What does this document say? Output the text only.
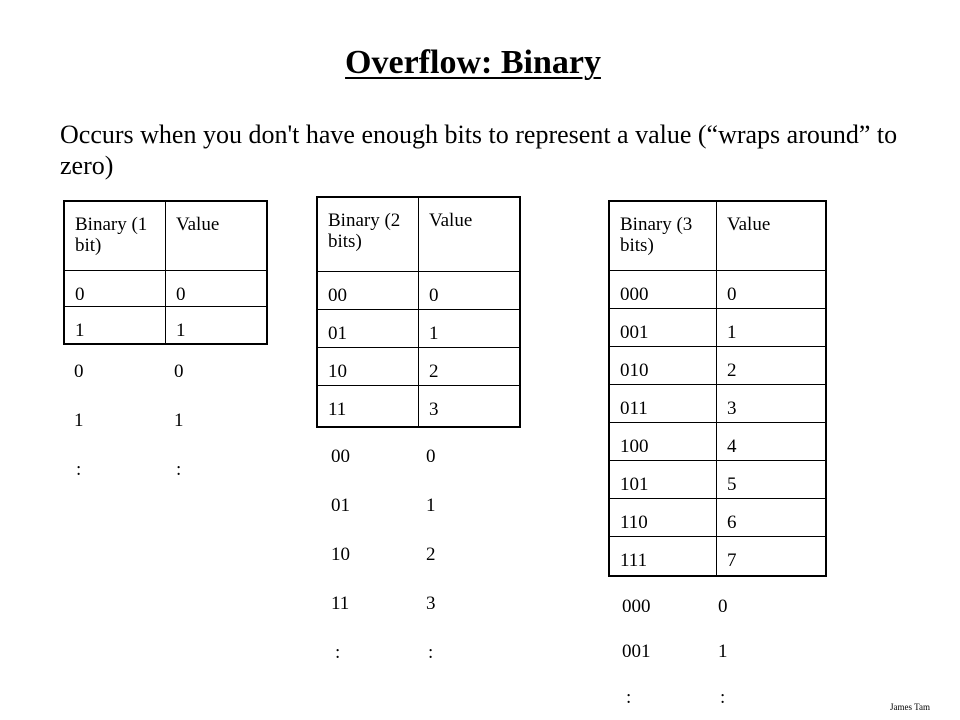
Overflow: Binary
Occurs when you don't have enough bits to represent a value (“wraps around” to zero)
Binary (1 bit)	Value
0	0
1	1
Binary (2 bits)	Value
00	0
01	1
10	2
11	3
Binary (3 bits)	Value
000	0
001	1
010	2
011	3
100	4
101	5
110	6
111	7
0	0
1	1
:	:
00	0
01	1
10	2
11	3
:	:
000	0
001	1
:	:	James Tam
